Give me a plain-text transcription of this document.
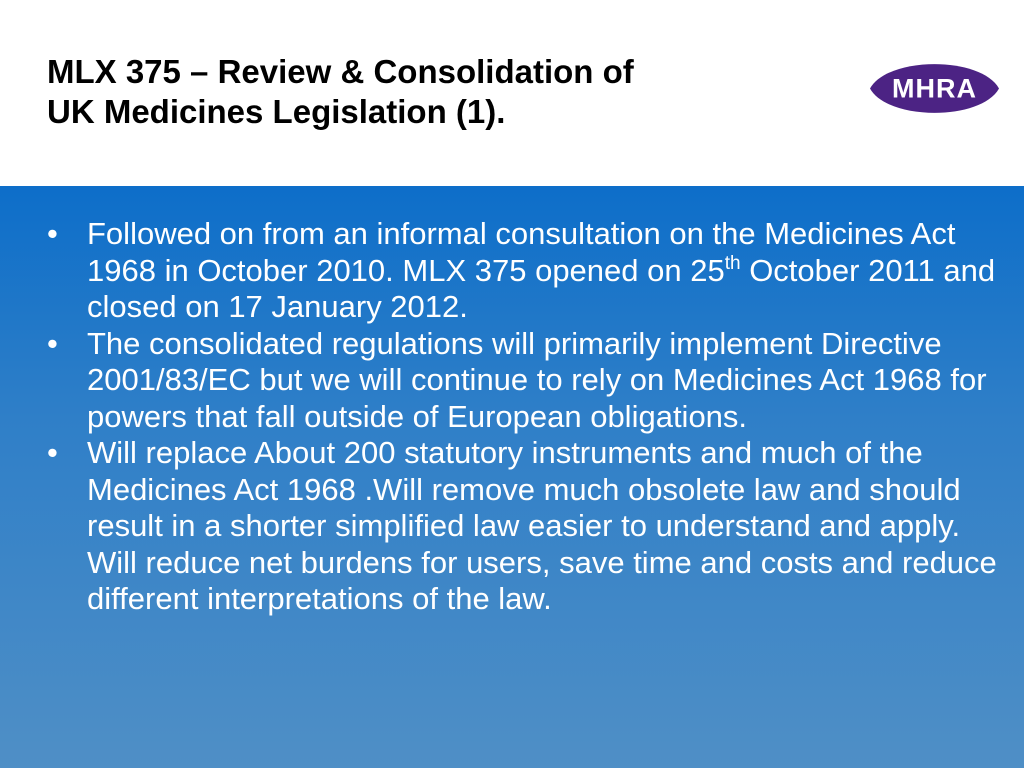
MLX 375 – Review & Consolidation of
UK Medicines Legislation (1).
MHRA
• Followed on from an informal consultation on the Medicines Act 1968 in October 2010. MLX 375 opened on 25th October 2011 and closed on 17 January 2012.
• The consolidated regulations will primarily implement Directive 2001/83/EC but we will continue to rely on Medicines Act 1968 for powers that fall outside of European obligations.
• Will replace About 200 statutory instruments and much of the Medicines Act 1968 .Will remove much obsolete law and should result in a shorter simplified law easier to understand and apply. Will reduce net burdens for users, save time and costs and reduce different interpretations of the law.
